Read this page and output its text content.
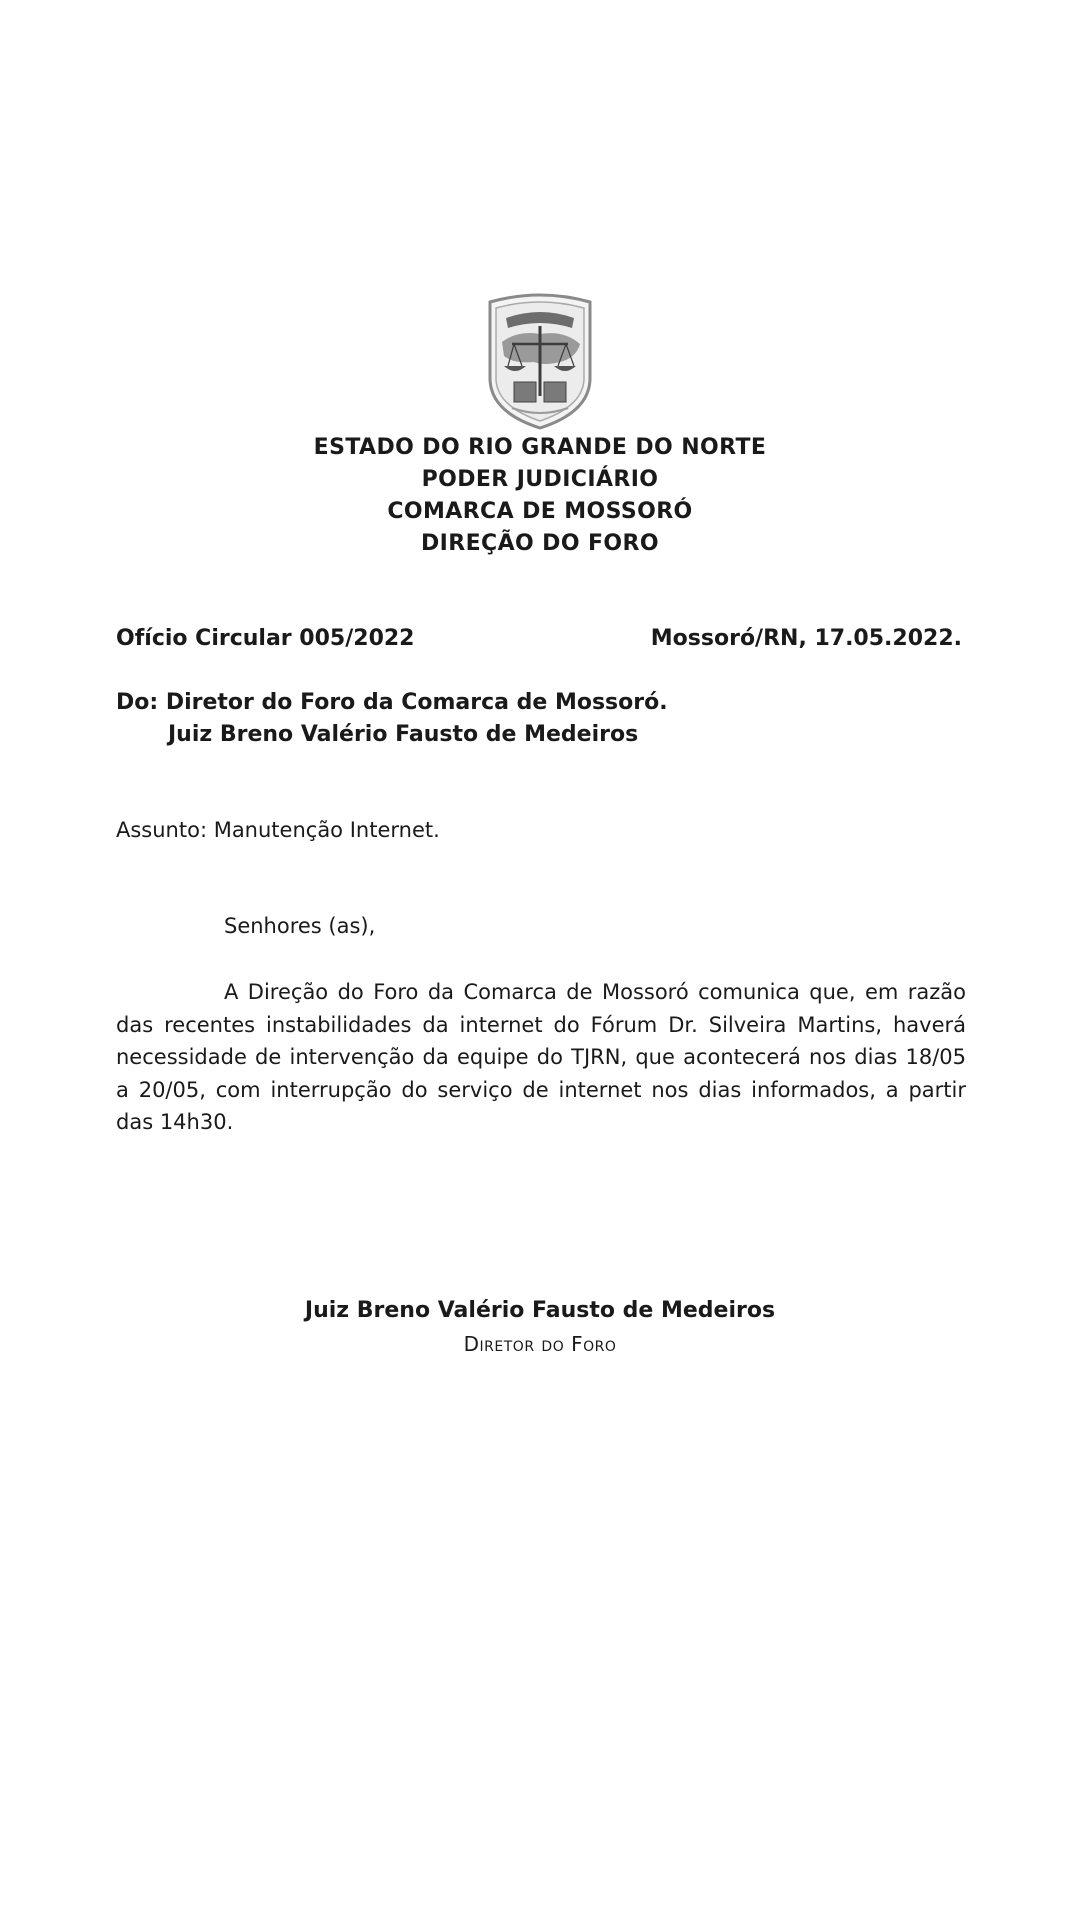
ESTADO DO RIO GRANDE DO NORTE
PODER JUDICIÁRIO
COMARCA DE MOSSORÓ
DIREÇÃO DO FORO
Ofício Circular 005/2022	Mossoró/RN, 17.05.2022.
Do: Diretor do Foro da Comarca de Mossoró.
Juiz Breno Valério Fausto de Medeiros
Assunto: Manutenção Internet.
Senhores (as),
A Direção do Foro da Comarca de Mossoró comunica que, em razão das recentes instabilidades da internet do Fórum Dr. Silveira Martins, haverá necessidade de intervenção da equipe do TJRN, que acontecerá nos dias 18/05 a 20/05, com interrupção do serviço de internet nos dias informados, a partir das 14h30.
Juiz Breno Valério Fausto de Medeiros
Diretor do Foro
